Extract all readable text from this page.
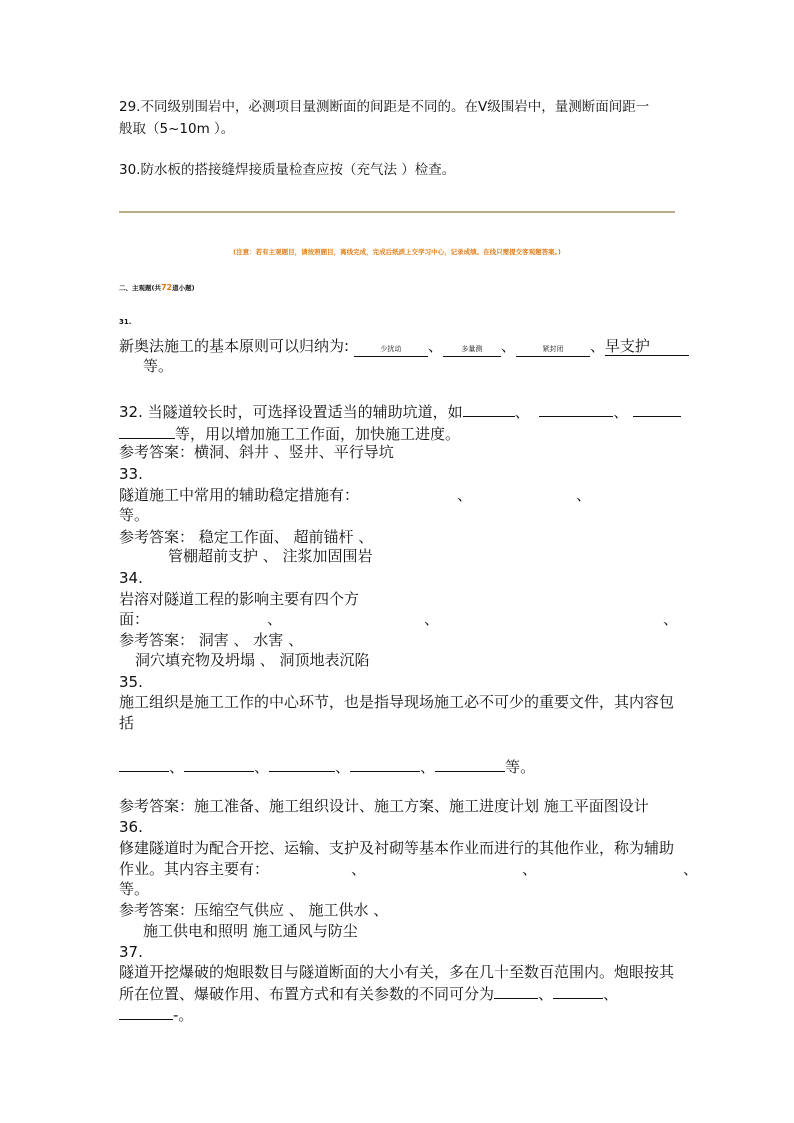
29.不同级别围岩中，必测项目量测断面的间距是不同的。在Ⅴ级围岩中，量测断面间距一
般取（5~10m ）。
30.防水板的搭接缝焊接质量检查应按（充气法 ）检查。
(注意：若有主观题目，请按照题目，离线完成，完成后纸质上交学习中心，记录成绩。在线只需提交客观题答案。)
二、主观题(共72道小题)
31.
新奥法施工的基本原则可以归纳为:	少扰动 、	多量测 、	紧封闭 、早支护
等。
32. 当隧道较长时，可选择设置适当的辅助坑道，如	、	、
等，用以增加施工工作面，加快施工进度。
参考答案：横洞、斜井 、竖井、平行导坑
33.
隧道施工中常用的辅助稳定措施有：	、	、
等。
参考答案： 稳定工作面、 超前锚杆 、
管棚超前支护 、 注浆加固围岩
34.
岩溶对隧道工程的影响主要有四个方
面：	、	、	、
参考答案： 洞害 、 水害 、
洞穴填充物及坍塌 、 洞顶地表沉陷
35.
施工组织是施工工作的中心环节，也是指导现场施工必不可少的重要文件，其内容包
括
、	、	、	、	等。
参考答案：施工准备、施工组织设计、施工方案、施工进度计划 施工平面图设计
36.
修建隧道时为配合开挖、运输、支护及衬砌等基本作业而进行的其他作业，称为辅助
作业。其内容主要有：	、	、	、
等。
参考答案：压缩空气供应 、 施工供水 、
施工供电和照明 施工通风与防尘
37.
隧道开挖爆破的炮眼数目与隧道断面的大小有关，多在几十至数百范围内。炮眼按其
所在位置、爆破作用、布置方式和有关参数的不同可分为	、	、
-。
